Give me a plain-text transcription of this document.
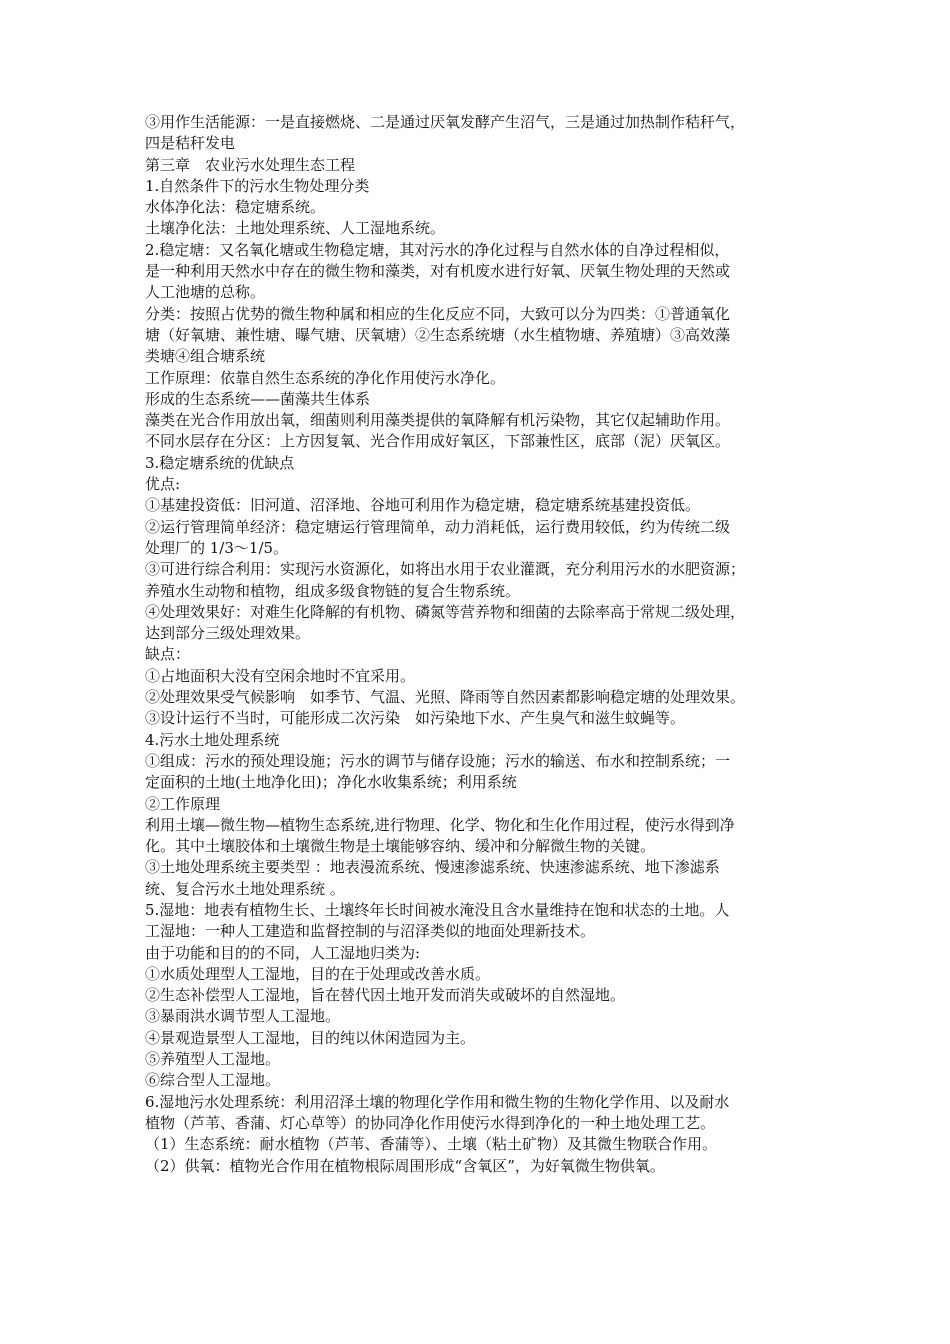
③用作生活能源：一是直接燃烧、二是通过厌氧发酵产生沼气，三是通过加热制作秸秆气，
四是秸秆发电
第三章　农业污水处理生态工程
1.自然条件下的污水生物处理分类
水体净化法：稳定塘系统。
土壤净化法：土地处理系统、人工湿地系统。
2.稳定塘：又名氧化塘或生物稳定塘，其对污水的净化过程与自然水体的自净过程相似，
是一种利用天然水中存在的微生物和藻类，对有机废水进行好氧、厌氧生物处理的天然或
人工池塘的总称。
分类：按照占优势的微生物种属和相应的生化反应不同，大致可以分为四类：①普通氧化
塘（好氧塘、兼性塘、曝气塘、厌氧塘）②生态系统塘（水生植物塘、养殖塘）③高效藻
类塘④组合塘系统
工作原理：依靠自然生态系统的净化作用使污水净化。
形成的生态系统——菌藻共生体系
藻类在光合作用放出氧，细菌则利用藻类提供的氧降解有机污染物，其它仅起辅助作用。
不同水层存在分区：上方因复氧、光合作用成好氧区，下部兼性区，底部（泥）厌氧区。
3.稳定塘系统的优缺点
优点:
①基建投资低：旧河道、沼泽地、谷地可利用作为稳定塘，稳定塘系统基建投资低。
②运行管理简单经济：稳定塘运行管理简单，动力消耗低，运行费用较低，约为传统二级
处理厂的 1/3～1/5。
③可进行综合利用：实现污水资源化，如将出水用于农业灌溉，充分利用污水的水肥资源；
养殖水生动物和植物，组成多级食物链的复合生物系统。
④处理效果好：对难生化降解的有机物、磷氮等营养物和细菌的去除率高于常规二级处理，
达到部分三级处理效果。
缺点：
①占地面积大没有空闲余地时不宜采用。
②处理效果受气候影响　如季节、气温、光照、降雨等自然因素都影响稳定塘的处理效果。
③设计运行不当时，可能形成二次污染　如污染地下水、产生臭气和滋生蚊蝇等。
4.污水土地处理系统
①组成：污水的预处理设施；污水的调节与储存设施；污水的输送、布水和控制系统；一
定面积的土地(土地净化田)；净化水收集系统；利用系统
②工作原理
利用土壤—微生物—植物生态系统,进行物理、化学、物化和生化作用过程，使污水得到净
化。其中土壤胶体和土壤微生物是土壤能够容纳、缓冲和分解微生物的关键。
③土地处理系统主要类型 ：地表漫流系统、慢速渗滤系统、快速渗滤系统、地下渗滤系
统、复合污水土地处理系统 。
5.湿地：地表有植物生长、土壤终年长时间被水淹没且含水量维持在饱和状态的土地。人
工湿地：一种人工建造和监督控制的与沼泽类似的地面处理新技术。
由于功能和目的的不同，人工湿地归类为:
①水质处理型人工湿地，目的在于处理或改善水质。
②生态补偿型人工湿地，旨在替代因土地开发而消失或破坏的自然湿地。
③暴雨洪水调节型人工湿地。
④景观造景型人工湿地，目的纯以休闲造园为主。
⑤养殖型人工湿地。
⑥综合型人工湿地。
6.湿地污水处理系统：利用沼泽土壤的物理化学作用和微生物的生物化学作用、以及耐水
植物（芦苇、香蒲、灯心草等）的协同净化作用使污水得到净化的一种土地处理工艺。
（1）生态系统：耐水植物（芦苇、香蒲等）、土壤（粘土矿物）及其微生物联合作用。
（2）供氧：植物光合作用在植物根际周围形成“含氧区”，为好氧微生物供氧。
